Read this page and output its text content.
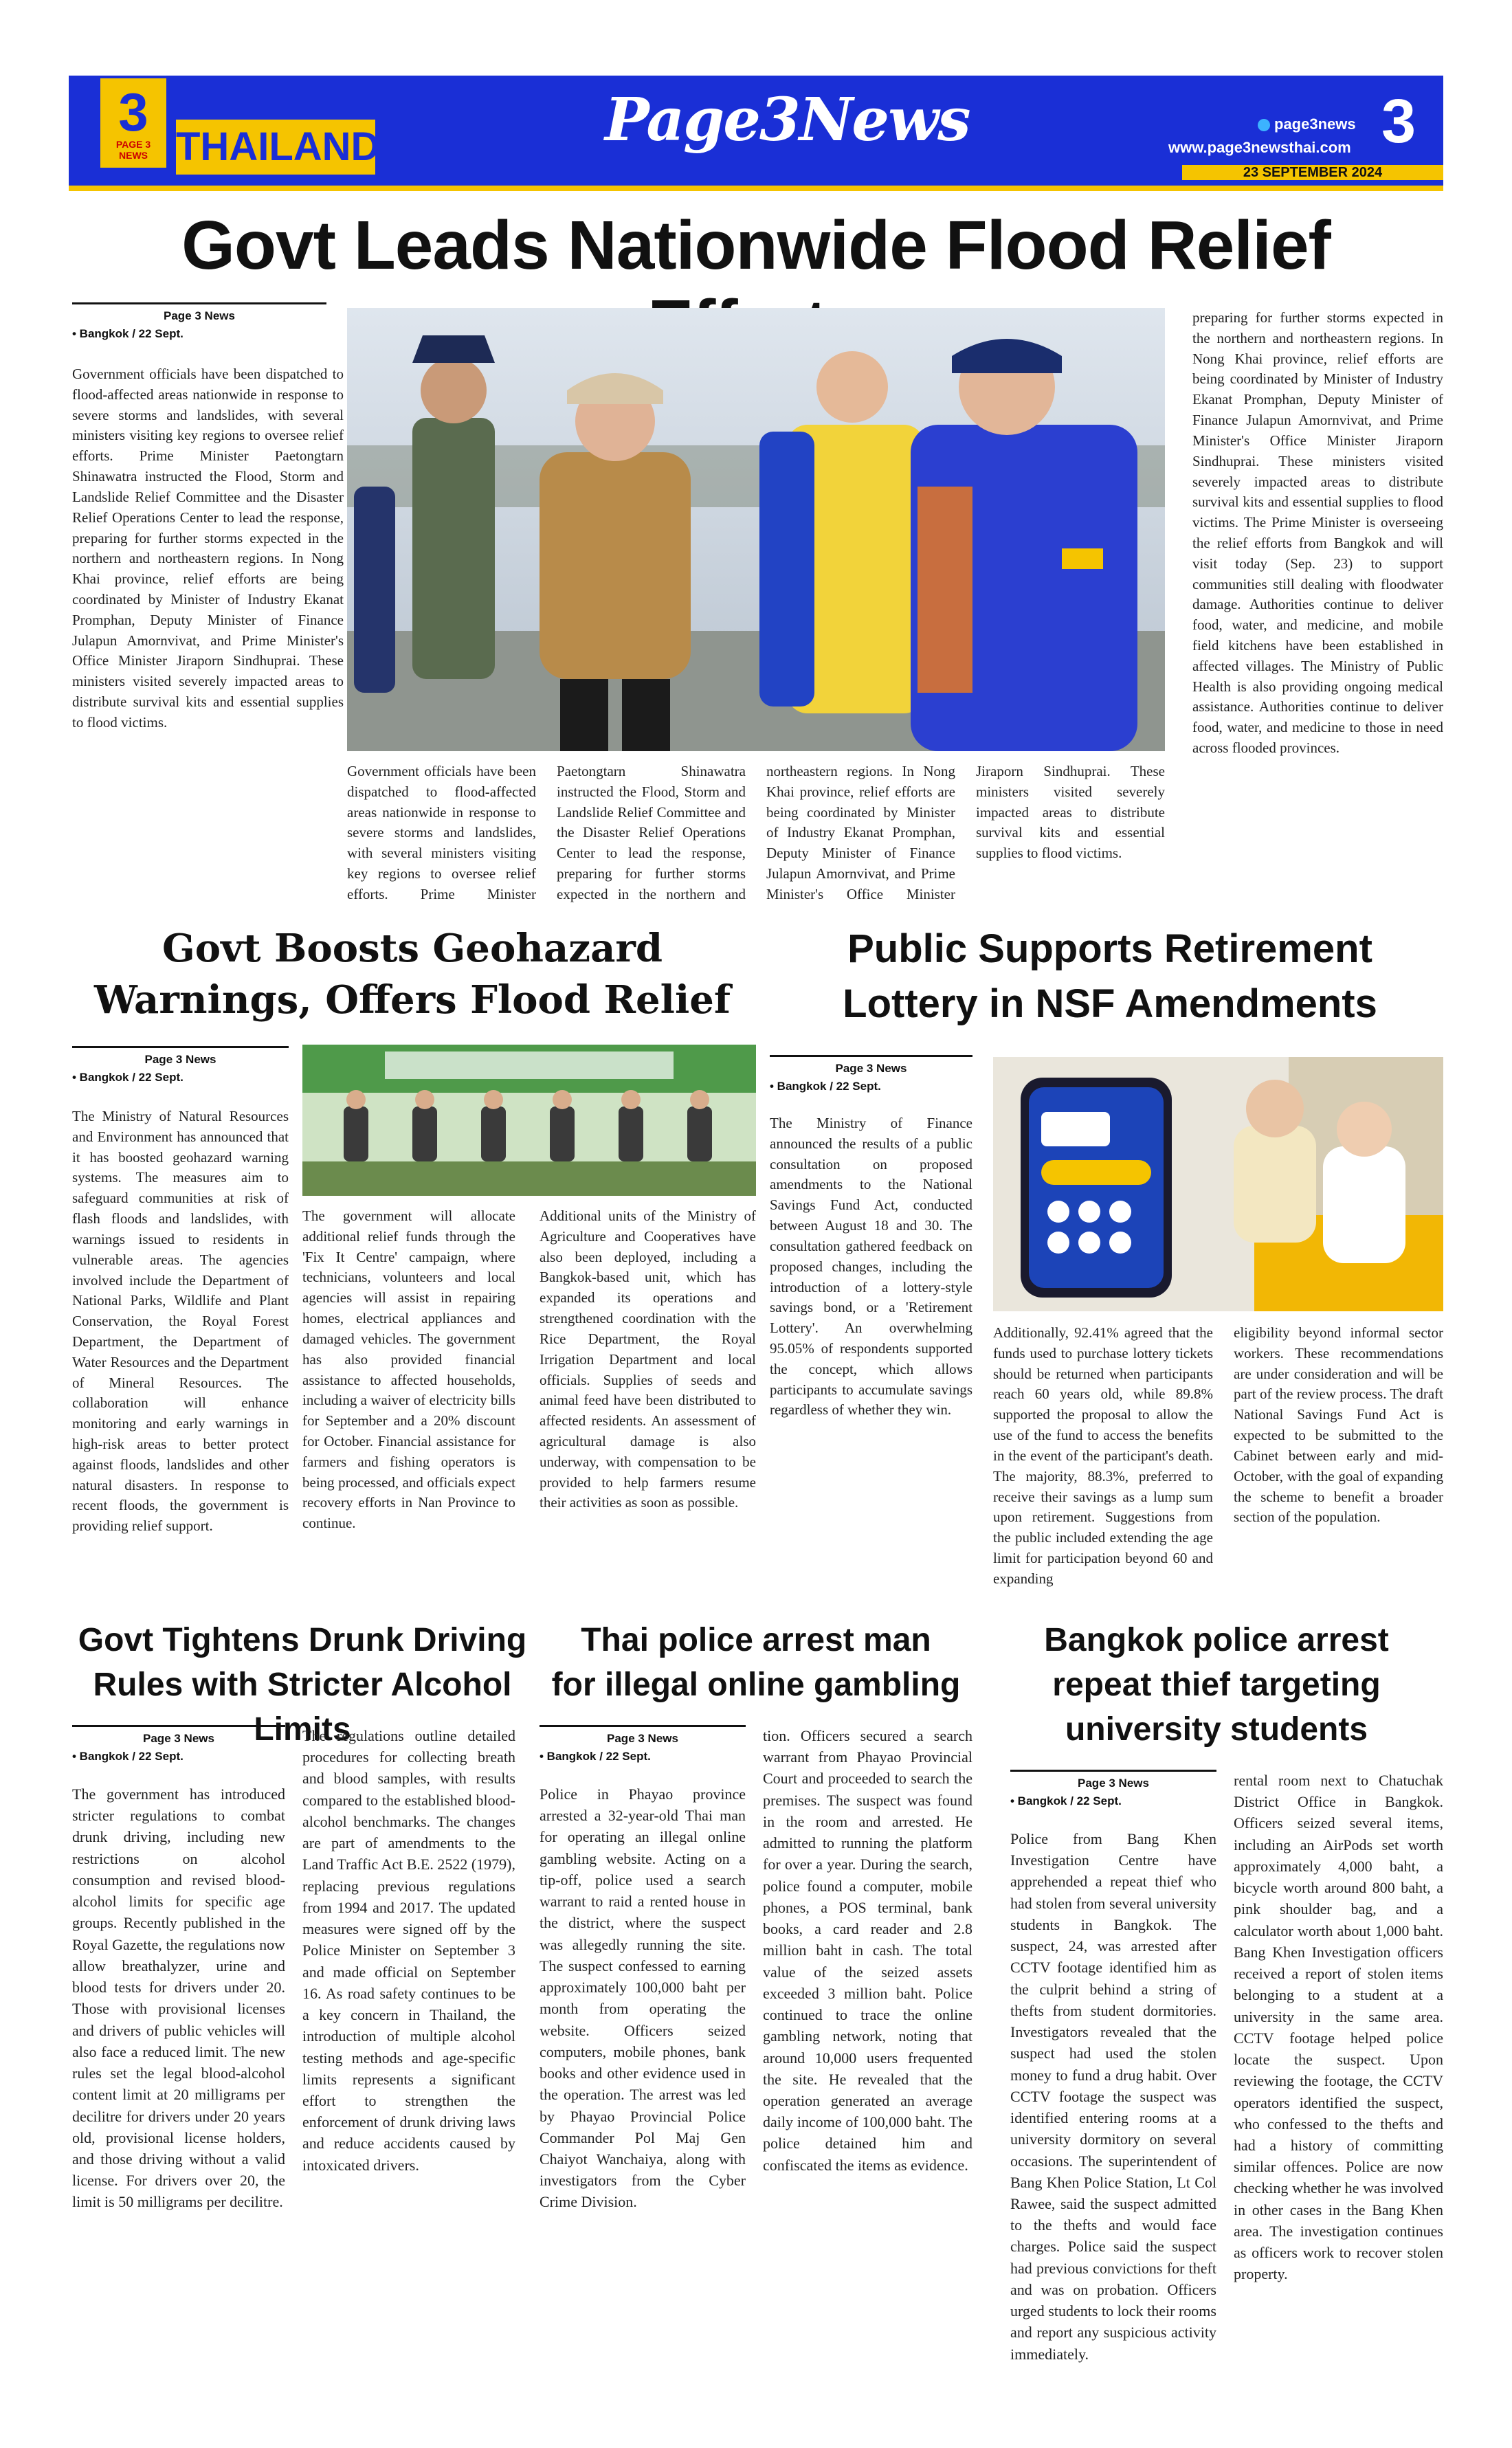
3
PAGE 3 NEWS THAILAND	Page3News	page3news
www.page3newsthai.com 3
23 SEPTEMBER 2024
Govt Leads Nationwide Flood Relief
Page 3 News
• Bangkok / 22 Sept.
Government officials have been dispatched to flood-affected areas nationwide in response to severe storms and landslides, with several ministers visiting key regions to oversee relief efforts. Prime Minister Paetongtarn Shinawatra instructed the Flood, Storm and Landslide Relief Committee and the Disaster Relief Operations Center to lead the response, preparing for further storms expected in the northern and northeastern regions. In Nong Khai province, relief efforts are being coordinated by Minister of Industry Ekanat Promphan, Deputy Minister of Finance Julapun Amornvivat, and Prime Minister's Office Minister Jiraporn Sindhuprai. These ministers visited severely impacted areas to distribute survival kits and essential supplies to flood victims.
preparing for further storms expected in the northern and northeastern regions. In Nong Khai province, relief efforts are being coordinated by Minister of Industry Ekanat Promphan, Deputy Minister of Finance Julapun Amornvivat, and Prime Minister's Office Minister Jiraporn Sindhuprai. These ministers visited severely impacted areas to distribute survival kits and essential supplies to flood victims. The Prime Minister is overseeing the relief efforts from Bangkok and will visit today (Sep. 23) to support communities still dealing with floodwater damage. Authorities continue to deliver food, water, and medicine, and mobile field kitchens have been established in affected villages. The Ministry of Public Health is also providing ongoing medical assistance. Authorities continue to deliver food, water, and medicine to those in need across flooded provinces.
Government officials have been dispatched to flood-affected areas nationwide in response to severe storms and landslides, with several ministers visiting key regions to oversee relief efforts. Prime Minister Paetongtarn Shinawatra instructed the Flood, Storm and Landslide Relief Committee and the Disaster Relief Operations Center to lead the response, preparing for further storms expected in the northern and northeastern regions. In Nong Khai province, relief efforts are being coordinated by Minister of Industry Ekanat Promphan, Deputy Minister of Finance Julapun Amornvivat, and Prime Minister's Office Minister Jiraporn Sindhuprai. These ministers visited severely impacted areas to distribute survival kits and essential supplies to flood victims.
Govt Boosts Geohazard
Warnings, Offers Flood Relief
Page 3 News
• Bangkok / 22 Sept.
The Ministry of Natural Resources and Environment has announced that it has boosted geohazard warning systems. The measures aim to safeguard communities at risk of flash floods and landslides, with warnings issued to residents in vulnerable areas. The agencies involved include the Department of National Parks, Wildlife and Plant Conservation, the Royal Forest Department, the Department of Water Resources and the Department of Mineral Resources. The collaboration will enhance monitoring and early warnings in high-risk areas to better protect against floods, landslides and other natural disasters. In response to recent floods, the government is providing relief support.
The government will allocate additional relief funds through the 'Fix It Centre' campaign, where technicians, volunteers and local agencies will assist in repairing homes, electrical appliances and damaged vehicles. The government has also provided financial assistance to affected households, including a waiver of electricity bills for September and a 20% discount for October. Financial assistance for farmers and fishing operators is being processed, and officials expect recovery efforts in Nan Province to continue.
Additional units of the Ministry of Agriculture and Cooperatives have also been deployed, including a Bangkok-based unit, which has expanded its operations and strengthened coordination with the Rice Department, the Royal Irrigation Department and local officials. Supplies of seeds and animal feed have been distributed to affected residents. An assessment of agricultural damage is also underway, with compensation to be provided to help farmers resume their activities as soon as possible.
Public Supports Retirement
Lottery in NSF Amendments
Page 3 News
• Bangkok / 22 Sept.
The Ministry of Finance announced the results of a public consultation on proposed amendments to the National Savings Fund Act, conducted between August 18 and 30. The consultation gathered feedback on proposed changes, including the introduction of a lottery-style savings bond, or a 'Retirement Lottery'. An overwhelming 95.05% of respondents supported the concept, which allows participants to accumulate savings regardless of whether they win.
Additionally, 92.41% agreed that the funds used to purchase lottery tickets should be returned when participants reach 60 years old, while 89.8% supported the proposal to allow the use of the fund to access the benefits in the event of the participant's death. The majority, 88.3%, preferred to receive their savings as a lump sum upon retirement. Suggestions from the public included extending the age limit for participation beyond 60 and expanding
eligibility beyond informal sector workers. These recommendations are under consideration and will be part of the review process. The draft National Savings Fund Act is expected to be submitted to the Cabinet between early and mid-October, with the goal of expanding the scheme to benefit a broader section of the population.
Govt Tightens Drunk Driving
Rules with Stricter Alcohol Limits
Page 3 News
• Bangkok / 22 Sept.
The government has introduced stricter regulations to combat drunk driving, including new restrictions on alcohol consumption and revised blood-alcohol limits for specific age groups. Recently published in the Royal Gazette, the regulations now allow breathalyzer, urine and blood tests for drivers under 20. Those with provisional licenses and drivers of public vehicles will also face a reduced limit. The new rules set the legal blood-alcohol content limit at 20 milligrams per decilitre for drivers under 20 years old, provisional license holders, and those driving without a valid license. For drivers over 20, the limit is 50 milligrams per decilitre.
The regulations outline detailed procedures for collecting breath and blood samples, with results compared to the established blood-alcohol benchmarks. The changes are part of amendments to the Land Traffic Act B.E. 2522 (1979), replacing previous regulations from 1994 and 2017. The updated measures were signed off by the Police Minister on September 3 and made official on September 16. As road safety continues to be a key concern in Thailand, the introduction of multiple alcohol testing methods and age-specific limits represents a significant effort to strengthen the enforcement of drunk driving laws and reduce accidents caused by intoxicated drivers.
Thai police arrest man
for illegal online gambling
Page 3 News
• Bangkok / 22 Sept.
Police in Phayao province arrested a 32-year-old Thai man for operating an illegal online gambling website. Acting on a tip-off, police used a search warrant to raid a rented house in the district, where the suspect was allegedly running the site. The suspect confessed to earning approximately 100,000 baht per month from operating the website. Officers seized computers, mobile phones, bank books and other evidence used in the operation. The arrest was led by Phayao Provincial Police Commander Pol Maj Gen Chaiyot Wanchaiya, along with investigators from the Cyber Crime Division.
tion. Officers secured a search warrant from Phayao Provincial Court and proceeded to search the premises. The suspect was found in the room and arrested. He admitted to running the platform for over a year. During the search, police found a computer, mobile phones, a POS terminal, bank books, a card reader and 2.8 million baht in cash. The total value of the seized assets exceeded 3 million baht. Police continued to trace the online gambling network, noting that around 10,000 users frequented the site. He revealed that the operation generated an average daily income of 100,000 baht. The police detained him and confiscated the items as evidence.
Bangkok police arrest
repeat thief targeting
university students
Page 3 News
• Bangkok / 22 Sept.
Police from Bang Khen Investigation Centre have apprehended a repeat thief who had stolen from several university students in Bangkok. The suspect, 24, was arrested after CCTV footage identified him as the culprit behind a string of thefts from student dormitories. Investigators revealed that the suspect had used the stolen money to fund a drug habit. Over CCTV footage the suspect was identified entering rooms at a university dormitory on several occasions. The superintendent of Bang Khen Police Station, Lt Col Rawee, said the suspect admitted to the thefts and would face charges. Police said the suspect had previous convictions for theft and was on probation. Officers urged students to lock their rooms and report any suspicious activity immediately.
rental room next to Chatuchak District Office in Bangkok. Officers seized several items, including an AirPods set worth approximately 4,000 baht, a bicycle worth around 800 baht, a pink shoulder bag, and a calculator worth about 1,000 baht. Bang Khen Investigation officers received a report of stolen items belonging to a student at a university in the same area. CCTV footage helped police locate the suspect. Upon reviewing the footage, the CCTV operators identified the suspect, who confessed to the thefts and had a history of committing similar offences. Police are now checking whether he was involved in other cases in the Bang Khen area. The investigation continues as officers work to recover stolen property.
